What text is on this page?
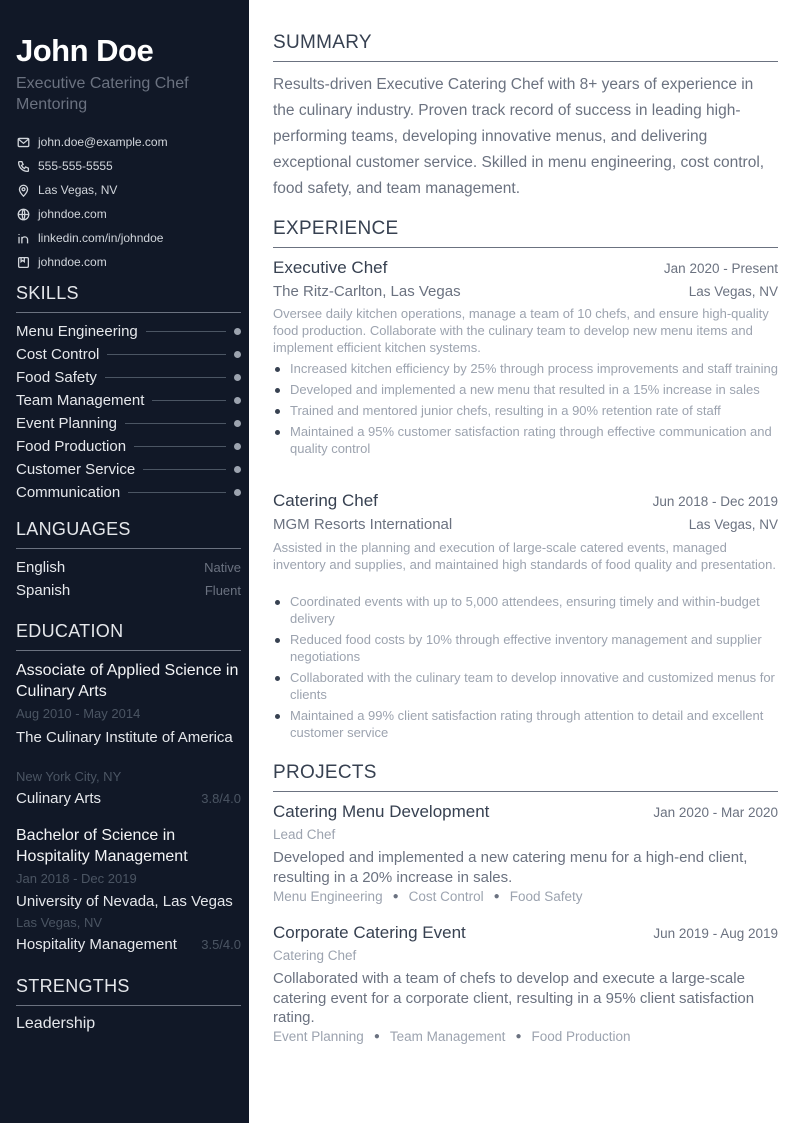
John Doe
Executive Catering Chef Mentoring
john.doe@example.com
555-555-5555
Las Vegas, NV
johndoe.com
linkedin.com/in/johndoe
johndoe.com
SKILLS
Menu Engineering
Cost Control
Food Safety
Team Management
Event Planning
Food Production
Customer Service
Communication
LANGUAGES
English	Native
Spanish	Fluent
EDUCATION
Associate of Applied Science in Culinary Arts
Aug 2010 - May 2014
The Culinary Institute of America
New York City, NY
Culinary Arts	3.8/4.0
Bachelor of Science in Hospitality Management
Jan 2018 - Dec 2019
University of Nevada, Las Vegas
Las Vegas, NV
Hospitality Management 3.5/4.0
STRENGTHS
Leadership
SUMMARY
Results-driven Executive Catering Chef with 8+ years of experience in the culinary industry. Proven track record of success in leading high-performing teams, developing innovative menus, and delivering exceptional customer service. Skilled in menu engineering, cost control, food safety, and team management.
EXPERIENCE
Executive Chef	Jan 2020 - Present
The Ritz-Carlton, Las Vegas	Las Vegas, NV
Oversee daily kitchen operations, manage a team of 10 chefs, and ensure high-quality food production. Collaborate with the culinary team to develop new menu items and implement efficient kitchen systems.
Increased kitchen efficiency by 25% through process improvements and staff training
Developed and implemented a new menu that resulted in a 15% increase in sales
Trained and mentored junior chefs, resulting in a 90% retention rate of staff
Maintained a 95% customer satisfaction rating through effective communication and quality control
Catering Chef	Jun 2018 - Dec 2019
MGM Resorts International	Las Vegas, NV
Assisted in the planning and execution of large-scale catered events, managed inventory and supplies, and maintained high standards of food quality and presentation.
Coordinated events with up to 5,000 attendees, ensuring timely and within-budget delivery
Reduced food costs by 10% through effective inventory management and supplier negotiations
Collaborated with the culinary team to develop innovative and customized menus for clients
Maintained a 99% client satisfaction rating through attention to detail and excellent customer service
PROJECTS
Catering Menu Development	Jan 2020 - Mar 2020
Lead Chef
Developed and implemented a new catering menu for a high-end client, resulting in a 20% increase in sales.
Menu Engineering ● Cost Control ● Food Safety
Corporate Catering Event	Jun 2019 - Aug 2019
Catering Chef
Collaborated with a team of chefs to develop and execute a large-scale catering event for a corporate client, resulting in a 95% client satisfaction rating.
Event Planning ● Team Management ● Food Production
